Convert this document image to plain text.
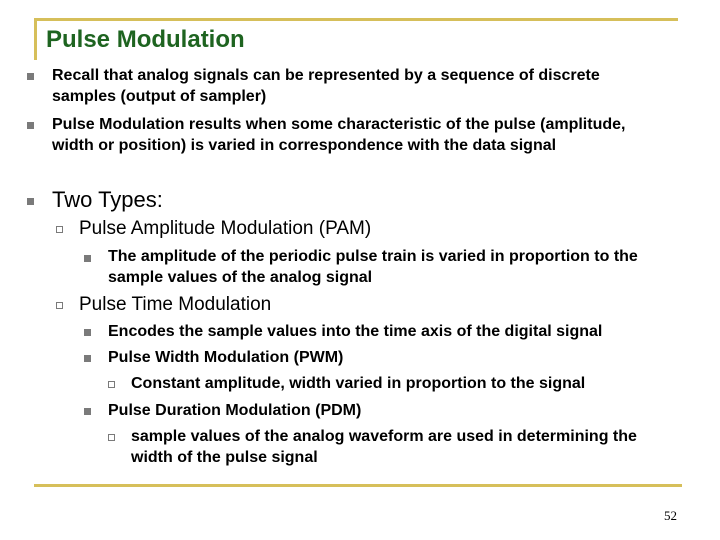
Pulse Modulation
Recall that analog signals can be represented by a sequence of discrete
samples (output of sampler)
Pulse Modulation results when some characteristic of the pulse (amplitude,
width or position) is varied in correspondence with the data signal
Two Types:
Pulse Amplitude Modulation (PAM)
The amplitude of the periodic pulse train is varied in proportion to the
sample values of the analog signal
Pulse Time Modulation
Encodes the sample values into the time axis of the digital signal
Pulse Width Modulation (PWM)
Constant amplitude, width varied in proportion to the signal
Pulse Duration Modulation (PDM)
sample values of the analog waveform are used in determining the
width of the pulse signal
52
